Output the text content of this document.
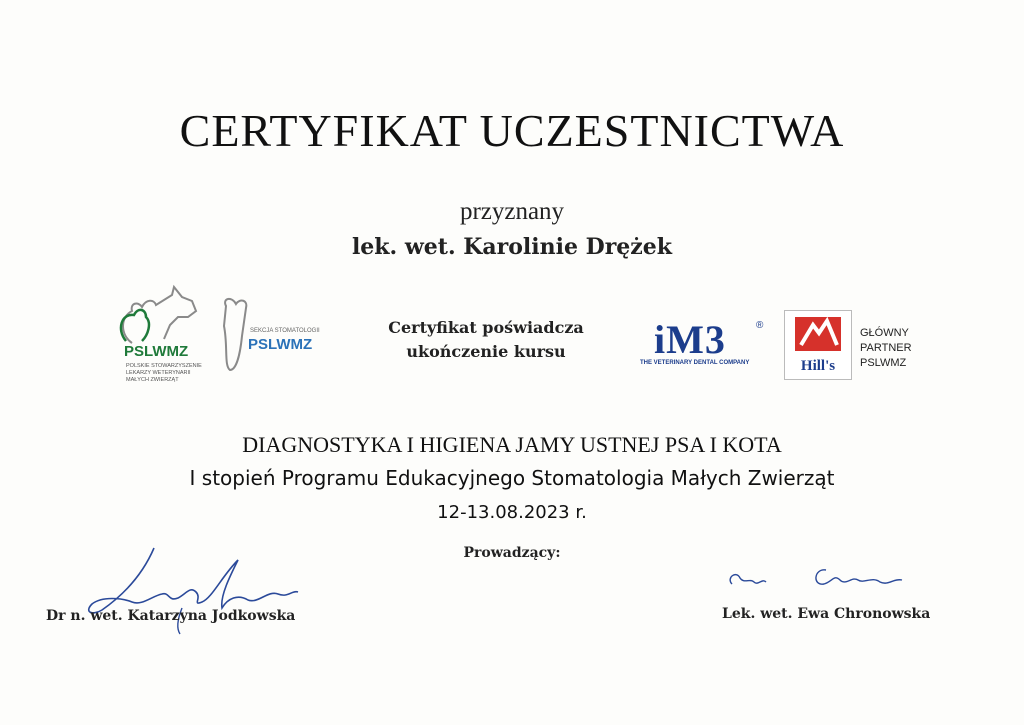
CERTYFIKAT UCZESTNICTWA
przyznany
lek. wet. Karolinie Drężek
PSLWMZ
POLSKIE STOWARZYSZENIE
LEKARZY WETERYNARII
MAŁYCH ZWIERZĄT
SEKCJA STOMATOLOGII
PSLWMZ
Certyfikat poświadcza
ukończenie kursu	iM3	®
THE VETERINARY DENTAL COMPANY	Hill's
GŁÓWNY
PARTNER
PSLWMZ
DIAGNOSTYKA I HIGIENA JAMY USTNEJ PSA I KOTA
I stopień Programu Edukacyjnego Stomatologia Małych Zwierząt
12-13.08.2023 r.
Prowadzący:
Dr n. wet. Katarzyna Jodkowska	Lek. wet. Ewa Chronowska
